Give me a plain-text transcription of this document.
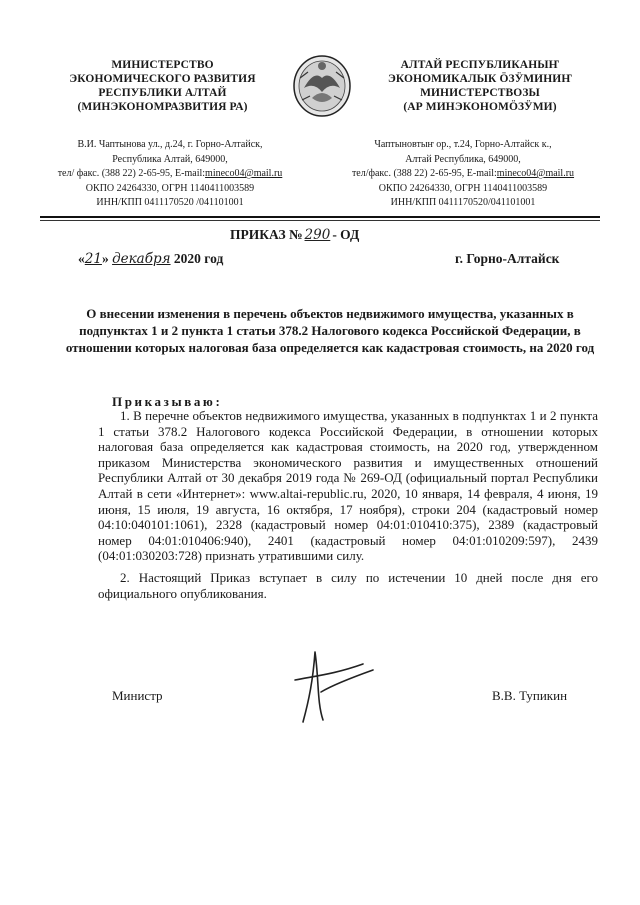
МИНИСТЕРСТВО
ЭКОНОМИЧЕСКОГО РАЗВИТИЯ
РЕСПУБЛИКИ АЛТАЙ
(МИНЭКОНОМРАЗВИТИЯ РА)
АЛТАЙ РЕСПУБЛИКАНЫҤ
ЭКОНОМИКАЛЫК ӦЗӰМИНИҤ
МИНИСТЕРСТВОЗЫ
(АР МИНЭКОНОМӦЗӰМИ)
В.И. Чаптынова ул., д.24, г. Горно-Алтайск,
Республика Алтай, 649000,
тел/ факс. (388 22) 2-65-95, E-mail:mineco04@mail.ru
ОКПО 24264330, ОГРН 1140411003589
ИНН/КПП 0411170520 /041101001
Чаптыновтыҥ ор., т.24, Горно-Алтайск к.,
Алтай Республика, 649000,
тел/факс. (388 22) 2-65-95, E-mail:mineco04@mail.ru
ОКПО 24264330, ОГРН 1140411003589
ИНН/КПП 0411170520/041101001
ПРИКАЗ № 290 - ОД
«21» декабря 2020 год	г. Горно-Алтайск
О внесении изменения в перечень объектов недвижимого имущества, указанных в подпунктах 1 и 2 пункта 1 статьи 378.2 Налогового кодекса Российской Федерации, в отношении которых налоговая база определяется как кадастровая стоимость, на 2020 год
Приказываю:

1. В перечне объектов недвижимого имущества, указанных в подпунктах 1 и 2 пункта 1 статьи 378.2 Налогового кодекса Российской Федерации, в отношении которых налоговая база определяется как кадастровая стоимость, на 2020 год, утвержденном приказом Министерства экономического развития и имущественных отношений Республики Алтай от 30 декабря 2019 года № 269-ОД (официальный портал Республики Алтай в сети «Интернет»: www.altai-republic.ru, 2020, 10 января, 14 февраля, 4 июня, 19 июня, 15 июля, 19 августа, 16 октября, 17 ноября), строки 204 (кадастровый номер 04:10:040101:1061), 2328 (кадастровый номер 04:01:010410:375), 2389 (кадастровый номер 04:01:010406:940), 2401 (кадастровый номер 04:01:010209:597), 2439 (04:01:030203:728) признать утратившими силу.

2. Настоящий Приказ вступает в силу по истечении 10 дней после дня его официального опубликования.

Министр	В.В. Тупикин
